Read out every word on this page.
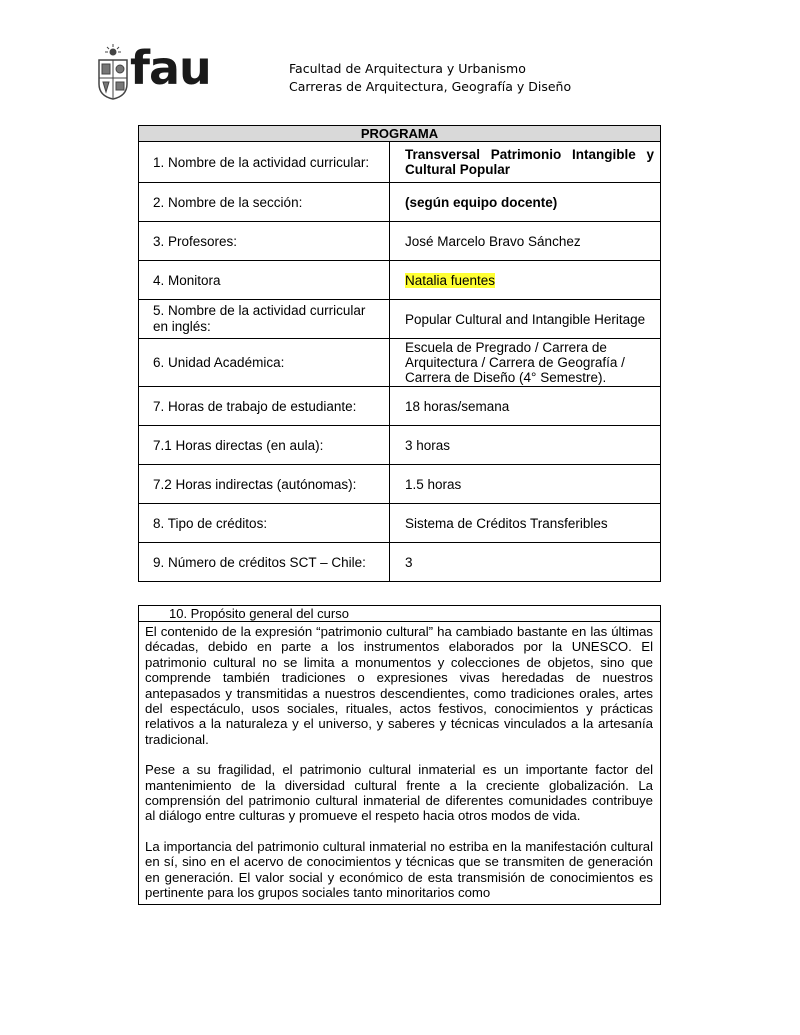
fau	Facultad de Arquitectura y Urbanismo
Carreras de Arquitectura, Geografía y Diseño
PROGRAMA	
1. Nombre de la actividad curricular:	Transversal Patrimonio Intangible y Cultural Popular
2. Nombre de la sección:	(según equipo docente)
3. Profesores:	José Marcelo Bravo Sánchez
4. Monitora	Natalia fuentes

5. Nombre de la actividad curricular en inglés:	Popular Cultural and Intangible Heritage
6. Unidad Académica:	Escuela de Pregrado / Carrera de Arquitectura / Carrera de Geografía / Carrera de Diseño (4° Semestre).
7. Horas de trabajo de estudiante:	18 horas/semana
7.1 Horas directas (en aula):	3 horas
7.2 Horas indirectas (autónomas):	1.5 horas
8. Tipo de créditos:	Sistema de Créditos Transferibles
9. Número de créditos SCT – Chile:	3
10. Propósito general del curso

El contenido de la expresión “patrimonio cultural” ha cambiado bastante en las últimas décadas, debido en parte a los instrumentos elaborados por la UNESCO. El patrimonio cultural no se limita a monumentos y colecciones de objetos, sino que comprende también tradiciones o expresiones vivas heredadas de nuestros antepasados y transmitidas a nuestros descendientes, como tradiciones orales, artes del espectáculo, usos sociales, rituales, actos festivos, conocimientos y prácticas relativos a la naturaleza y el universo, y saberes y técnicas vinculados a la artesanía tradicional.

Pese a su fragilidad, el patrimonio cultural inmaterial es un importante factor del mantenimiento de la diversidad cultural frente a la creciente globalización. La comprensión del patrimonio cultural inmaterial de diferentes comunidades contribuye al diálogo entre culturas y promueve el respeto hacia otros modos de vida.

La importancia del patrimonio cultural inmaterial no estriba en la manifestación cultural en sí, sino en el acervo de conocimientos y técnicas que se transmiten de generación en generación. El valor social y económico de esta transmisión de conocimientos es pertinente para los grupos sociales tanto minoritarios como
